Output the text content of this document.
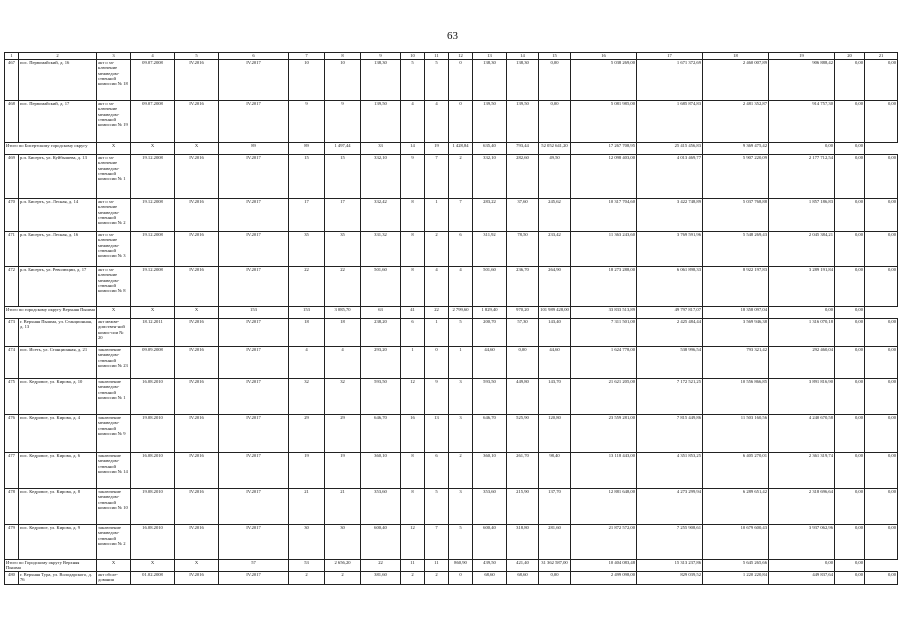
63
1	2	3	4	5	6	7	8	9	10	11	12	13	14	15	16	17	18	19	20	21
467	пос. Первомайский, д. 16	акт о за-ключение межведом-ственной комиссии № 18	09.07.2008	IV.2016	IV.2017	10	10	138,30	5	5	0	138,30	138,30	0,00	5 038 269,00	1 671 372,69	2 460 007,89	906 888,42	0,00	0,00
468	пос. Первомайский, д. 17	акт о за-ключение межведом-ственной комиссии № 19	09.07.2008	IV.2016	IV.2017	9	9	139,50	4	4	0	139,50	139,50	0,00	5 081 985,00	1 685 874,83	2 481 352,87	914 757,30	0,00	0,00
Итого по Бисертскому городскому округу		X	X	X	89	89	1 497,44	33	14	19	1 428,84	635,40	793,44	52 052 641,20	17 267 708,95	25 415 456,83	9 369 475,42	0,00	0,00	
469	р.п. Бисерть, ул. Куйбышева, д. 13	акт о за-ключение межведом-ственной комиссии № 1	19.12.2008	IV.2016	IV.2017	15	15	332,10	9	7	2	332,10	282,60	49,50	12 098 403,00	4 013 469,77	5 907 220,09	2 177 712,54	0,00	0,00
470	р.п. Бисерть, ул. Лесная, д. 14	акт о за-ключение межведом-ственной комиссии № 2	19.12.2008	IV.2016	IV.2017	17	17	332,42	8	1	7	283,22	37,60	245,62	10 317 704,60	3 422 748,89	5 037 768,88	1 857 186,83	0,00	0,00
471	р.п. Бисерть, ул. Лесная, д. 16	акт о за-ключение межведом-ственной комиссии № 3	19.12.2008	IV.2016	IV.2017	35	35	331,32	8	2	6	311,92	78,50	233,42	11 363 243,60	3 769 591,96	5 548 269,43	2 045 384,21	0,00	0,00
472	р.п. Бисерть, ул. Революции, д. 17	акт о за-ключение межведом-ственной комиссии № 8	19.12.2008	IV.2016	IV.2017	22	22	501,60	8	4	4	501,60	236,70	264,90	18 273 288,00	6 061 898,33	8 922 197,83	3 289 191,84	0,00	0,00
Итого по городскому округу Верхняя Пышма		X	X	X	153	153	3 085,70	63	41	22	2 799,60	1 829,40	970,20	101 989 428,00	33 833 513,89	49 797 817,07	18 358 097,04	0,00	0,00	
473	г. Верхняя Пышма, ул. Станционная, д. 13	акт межве-домствен-ной комис-сии № 20	18.12.2011	IV.2016	IV.2017	18	18	238,20	6	1	5	200,70	57,30	143,40	7 311 501,00	2 425 484,44	3 569 946,38	1 316 070,18	0,00	0,00
474	пос. Исеть, ул. Станционная, д. 21	заключение межведом-ственной комиссии № 23	09.09.2008	IV.2016	IV.2017	4	4	293,20	1	0	1	44,60	0,00	44,60	1 624 778,00	538 996,54	793 321,42	292 460,04	0,00	0,00
475	пос. Кедровое, ул. Кирова, д. 10	заключение межведом-ственной комиссии № 1	16.08.2010	IV.2016	IV.2017	32	32	593,50	12	9	3	593,50	449,80	143,70	21 621 205,00	7 172 521,25	10 556 866,85	3 891 816,90	0,00	0,00
476	пос. Кедровое, ул. Кирова, д. 4	заключение межведом-ственной комиссии № 9	19.08.2010	IV.2016	IV.2017	29	29	646,70	16	13	3	646,70	525,90	120,80	23 559 281,00	7 815 449,86	11 503 160,56	4 240 670,58	0,00	0,00
477	пос. Кедровое, ул. Кирова, д. 6	заключение межведом-ственной комиссии № 14	16.08.2010	IV.2016	IV.2017	19	19	360,10	8	6	2	360,10	261,70	98,40	13 118 443,00	4 351 853,25	6 405 270,01	2 361 319,74	0,00	0,00
478	пос. Кедровое, ул. Кирова, д. 8	заключение межведом-ственной комиссии № 10	19.08.2010	IV.2016	IV.2017	21	21	353,60	8	5	3	353,60	215,90	137,70	12 881 648,00	4 273 299,94	6 289 651,42	2 318 696,64	0,00	0,00
479	пос. Кедровое, ул. Кирова, д. 9	заключение межведом-ственной комиссии № 2	16.08.2010	IV.2016	IV.2017	30	30	600,40	12	7	5	600,40	318,80	281,60	21 872 572,00	7 255 908,61	10 679 600,43	3 937 062,96	0,00	0,00
Итого по Городскому округу Верхняя Пышма		X	X	X	57	53	2 656,20	22	11	11	860,90	439,50	421,40	31 362 587,00	10 404 083,48	15 313 237,86	5 645 265,66	0,00	0,00	
480	г. Верхняя Тура, ул. Володарского, д. 76	акт обсле-дования	01.02.2008	IV.2016	IV.2017	2	2	381,60	2	2	0	68,60	68,60	0,00	2 499 098,00	829 039,52	1 220 220,84	449 837,64	0,00	0,00
